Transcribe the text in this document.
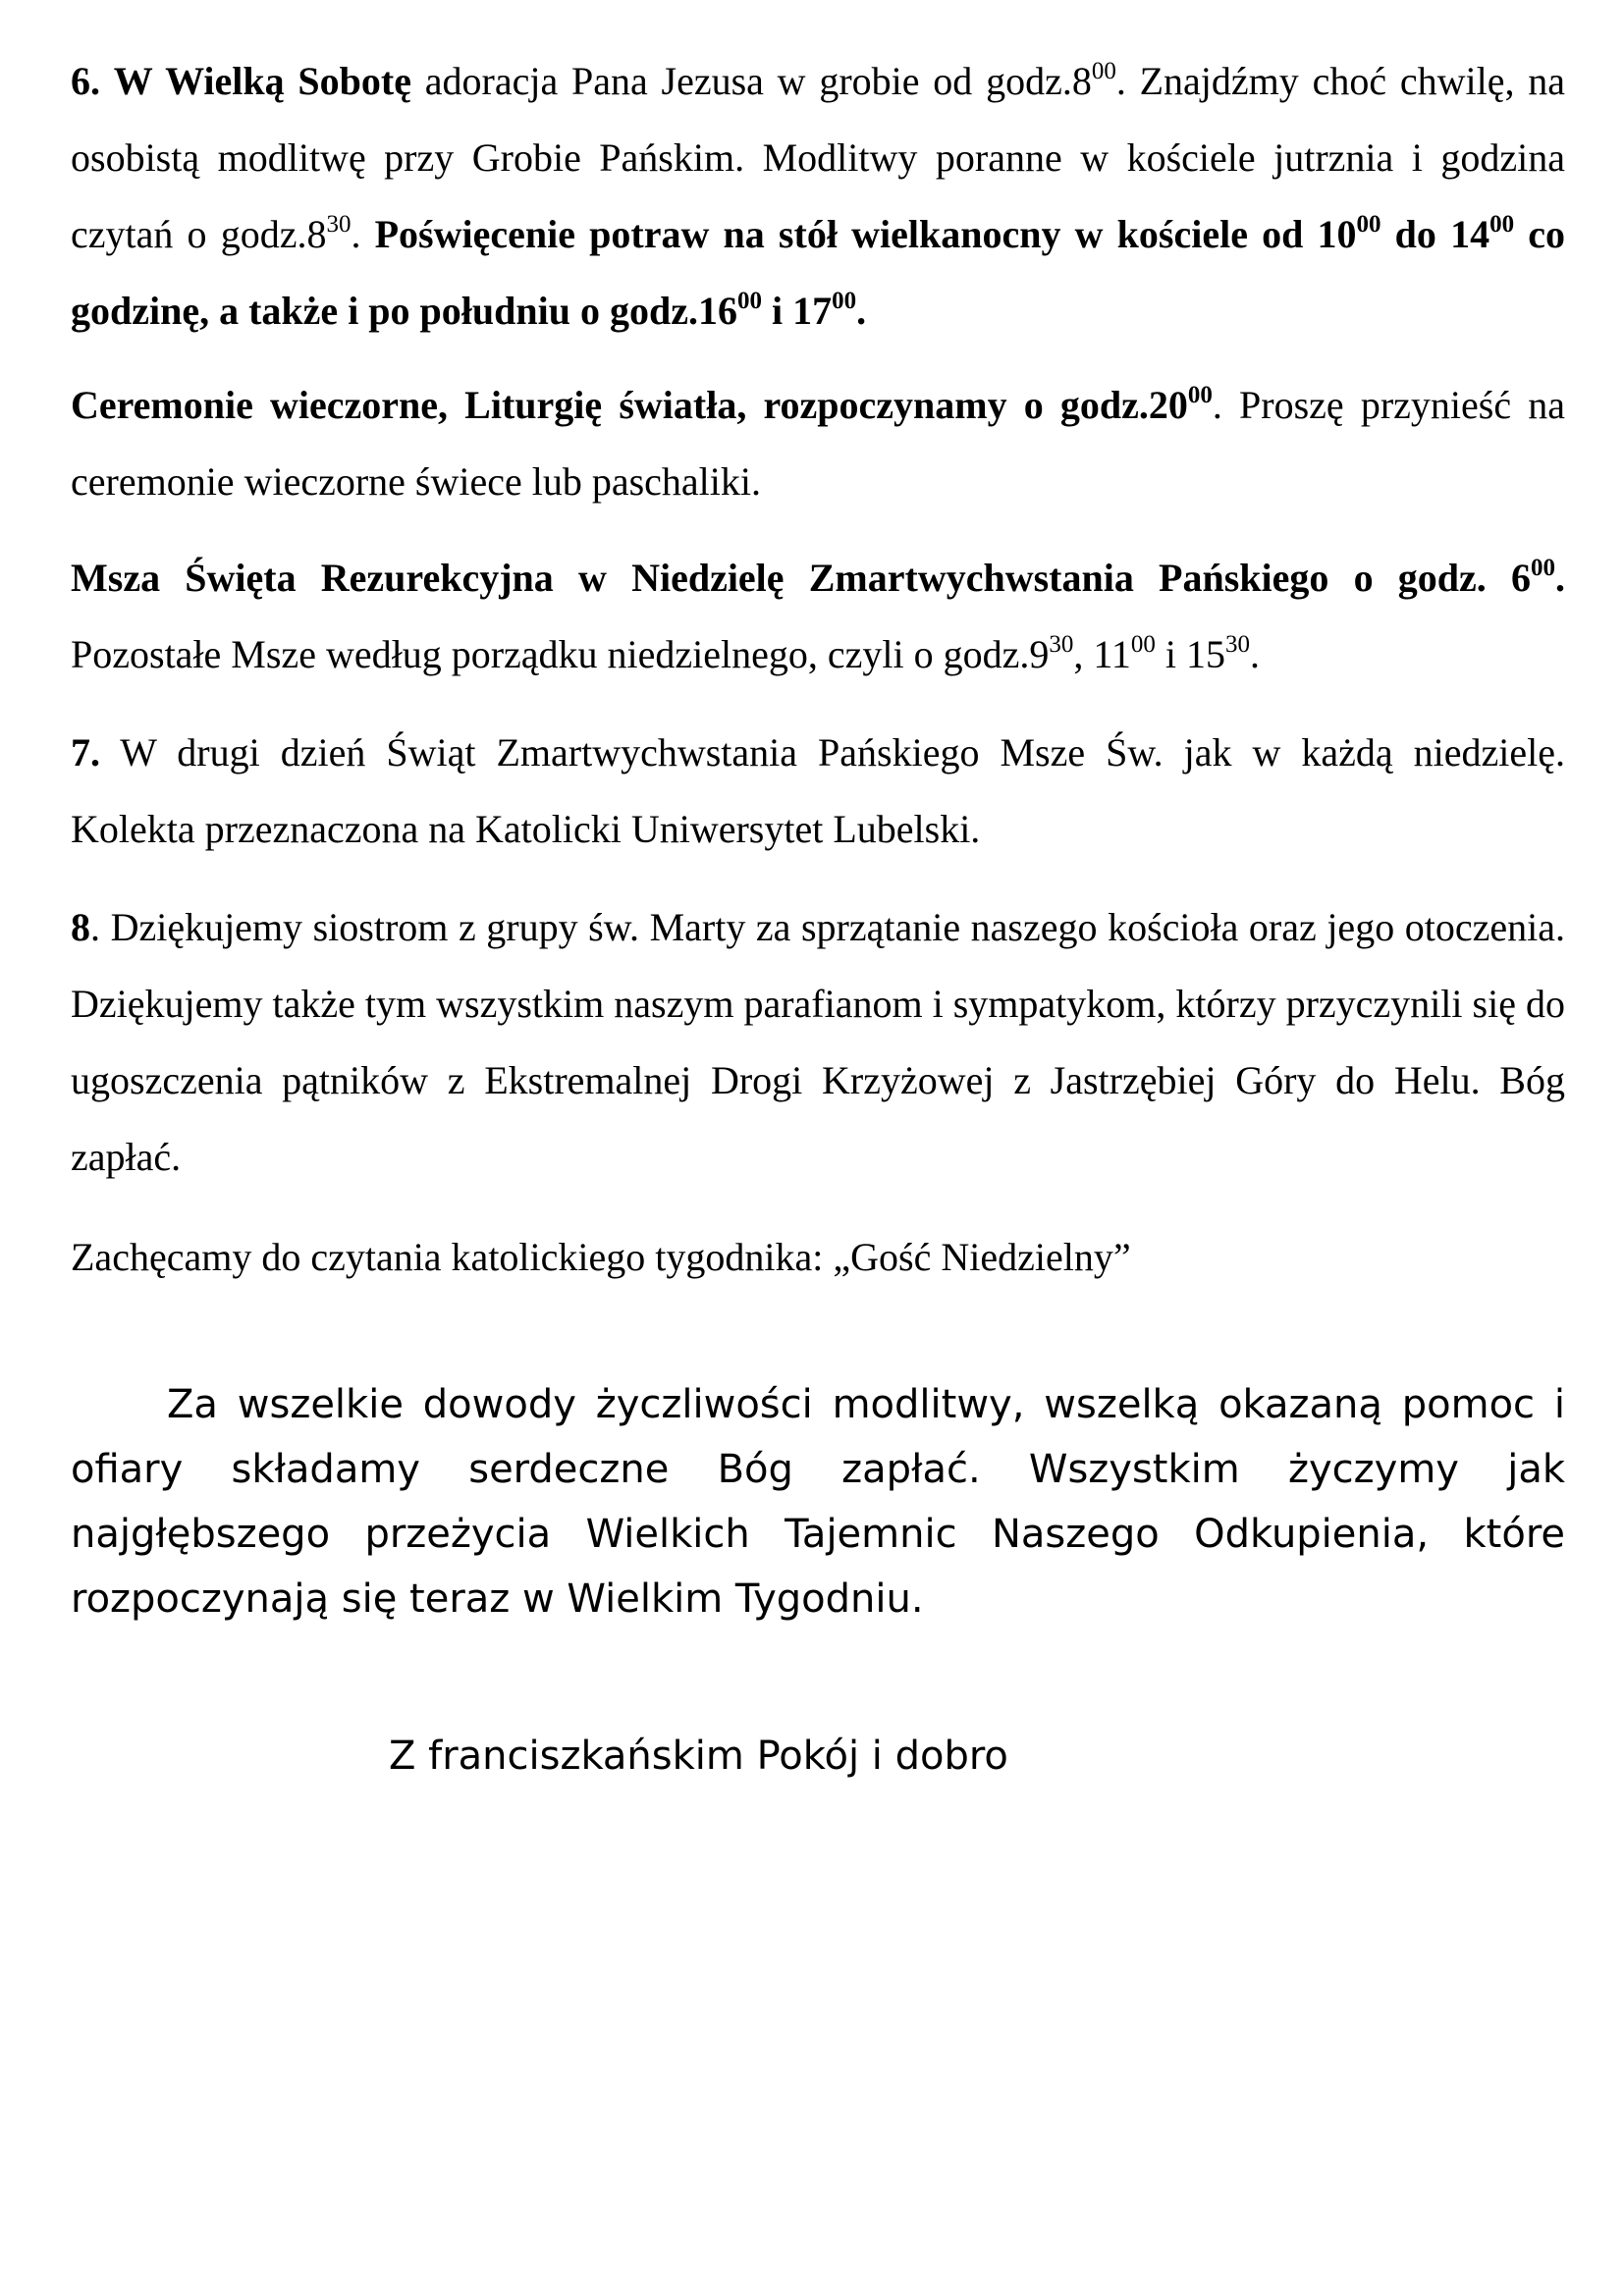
6. W Wielką Sobotę adoracja Pana Jezusa w grobie od $godz.8^{00}$. Znajdźmy choć chwilę, na osobistą modlitwę przy Grobie Pańskim. Modlitwy poranne w kościele jutrznia i godzina czytań o $godz.8^{30}$. Poświęcenie potraw na stół wielkanocny w kościele od $10^{00}$ do $14^{00}$ co godzinę, a także i po południu o $godz.16^{00}$ i $17^{00}$.

Ceremonie wieczorne, Liturgię światła, rozpoczynamy o $godz.20^{00}$. Proszę przynieść na ceremonie wieczorne świece lub paschaliki.

Msza Święta Rezurekcyjna w Niedzielę Zmartwychwstania Pańskiego o godz. $6^{00}$. Pozostałe Msze według porządku niedzielnego, czyli o $godz.9^{30}$, $11^{00}$ i $15^{30}$.

7. W drugi dzień Świąt Zmartwychwstania Pańskiego Msze Św. jak w każdą niedzielę. Kolekta przeznaczona na Katolicki Uniwersytet Lubelski.

8. Dziękujemy siostrom z grupy św. Marty za sprzątanie naszego kościoła oraz jego otoczenia. Dziękujemy także tym wszystkim naszym parafianom i sympatykom, którzy przyczynili się do ugoszczenia pątników z Ekstremalnej Drogi Krzyżowej z Jastrzębiej Góry do Helu. Bóg zapłać.

Zachęcamy do czytania katolickiego tygodnika: „Gość Niedzielny”

Za wszelkie dowody życzliwości modlitwy, wszelką okazaną pomoc i ofiary składamy serdeczne Bóg zapłać. Wszystkim życzymy jak najgłębszego przeżycia Wielkich Tajemnic Naszego Odkupienia, które rozpoczynają się teraz w Wielkim Tygodniu.

Z franciszkańskim Pokój i dobro
